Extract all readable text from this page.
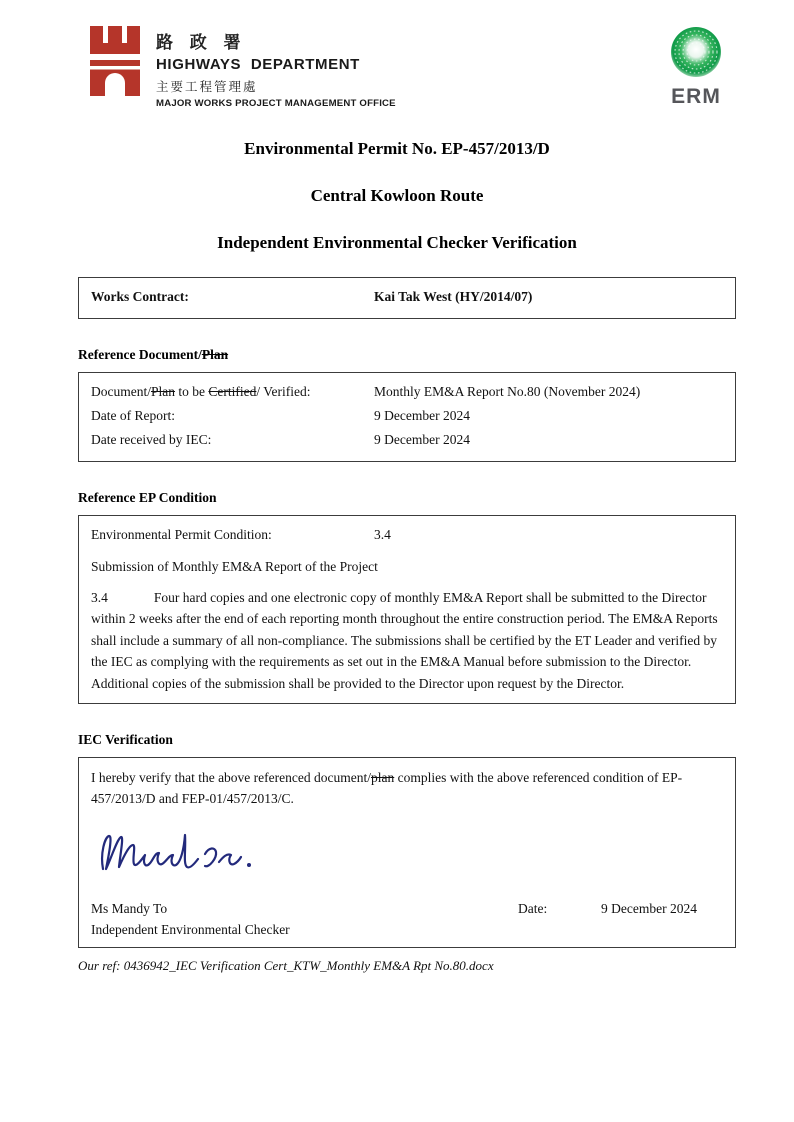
路 政 署
HIGHWAYS DEPARTMENT
主要工程管理處
MAJOR WORKS PROJECT MANAGEMENT OFFICE	ERM
Environmental Permit No. EP-457/2013/D
Central Kowloon Route
Independent Environmental Checker Verification
Works Contract:	Kai Tak West (HY/2014/07)
Reference Document/Plan
Document/Plan to be Certified/ Verified:	Monthly EM&A Report No.80 (November 2024)
Date of Report:	9 December 2024
Date received by IEC:	9 December 2024
Reference EP Condition
Environmental Permit Condition:	3.4
Submission of Monthly EM&A Report of the Project
3.4	Four hard copies and one electronic copy of monthly EM&A Report shall be submitted to the Director within 2 weeks after the end of each reporting month throughout the entire construction period. The EM&A Reports shall include a summary of all non-compliance. The submissions shall be certified by the ET Leader and verified by the IEC as complying with the requirements as set out in the EM&A Manual before submission to the Director. Additional copies of the submission shall be provided to the Director upon request by the Director.
IEC Verification
I hereby verify that the above referenced document/plan complies with the above referenced condition of EP-457/2013/D and FEP-01/457/2013/C.
Ms Mandy To	Date:	9 December 2024
Independent Environmental Checker
Our ref: 0436942_IEC Verification Cert_KTW_Monthly EM&A Rpt No.80.docx
